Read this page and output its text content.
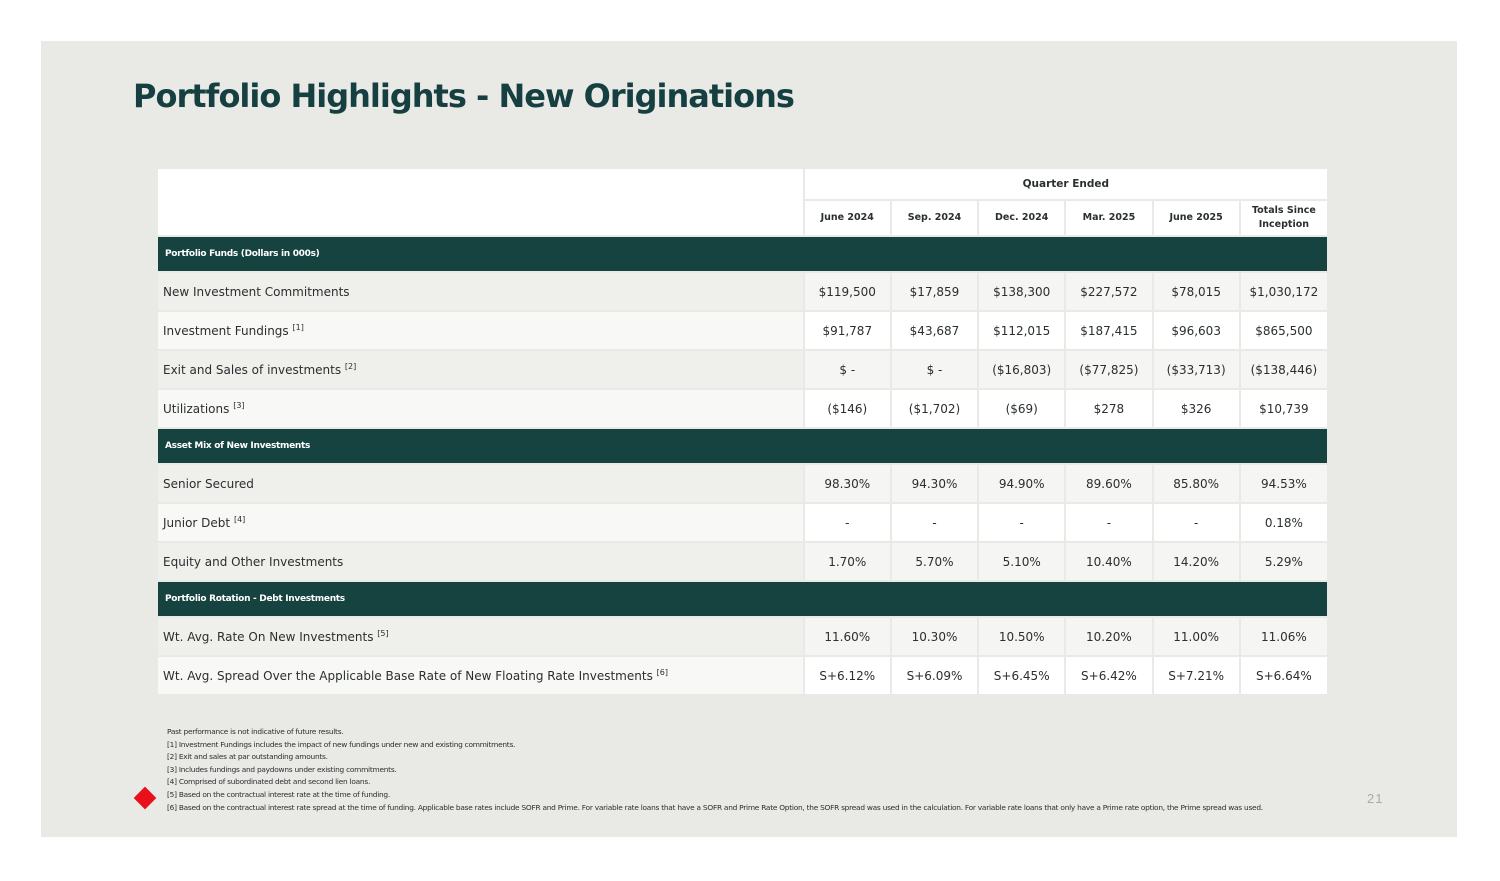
Portfolio Highlights - New Originations
	Quarter Ended					
	June 2024	Sep. 2024	Dec. 2024	Mar. 2025	June 2025	Totals Since Inception
Portfolio Funds (Dollars in 000s)						
New Investment Commitments	$119,500	$17,859	$138,300	$227,572	$78,015	$1,030,172
Investment Fundings [1]	$91,787	$43,687	$112,015	$187,415	$96,603	$865,500
Exit and Sales of investments [2]	$ -	$ -	($16,803)	($77,825)	($33,713)	($138,446)
Utilizations [3]	($146)	($1,702)	($69)	$278	$326	$10,739
Asset Mix of New Investments						
Senior Secured	98.30%	94.30%	94.90%	89.60%	85.80%	94.53%
Junior Debt [4]	-	-	-	-	-	0.18%
Equity and Other Investments	1.70%	5.70%	5.10%	10.40%	14.20%	5.29%
Portfolio Rotation - Debt Investments						
Wt. Avg. Rate On New Investments [5]	11.60%	10.30%	10.50%	10.20%	11.00%	11.06%
Wt. Avg. Spread Over the Applicable Base Rate of New Floating Rate Investments [6]	S+6.12%	S+6.09%	S+6.45%	S+6.42%	S+7.21%	S+6.64%
Past performance is not indicative of future results.
[1] Investment Fundings includes the impact of new fundings under new and existing commitments.
[2] Exit and sales at par outstanding amounts.
[3] Includes fundings and paydowns under existing commitments.
[4] Comprised of subordinated debt and second lien loans.
[5] Based on the contractual interest rate at the time of funding.
[6] Based on the contractual interest rate spread at the time of funding. Applicable base rates include SOFR and Prime. For variable rate loans that have a SOFR and Prime Rate Option, the SOFR spread was used in the calculation. For variable rate loans that only have a Prime rate option, the Prime spread was used.
21
